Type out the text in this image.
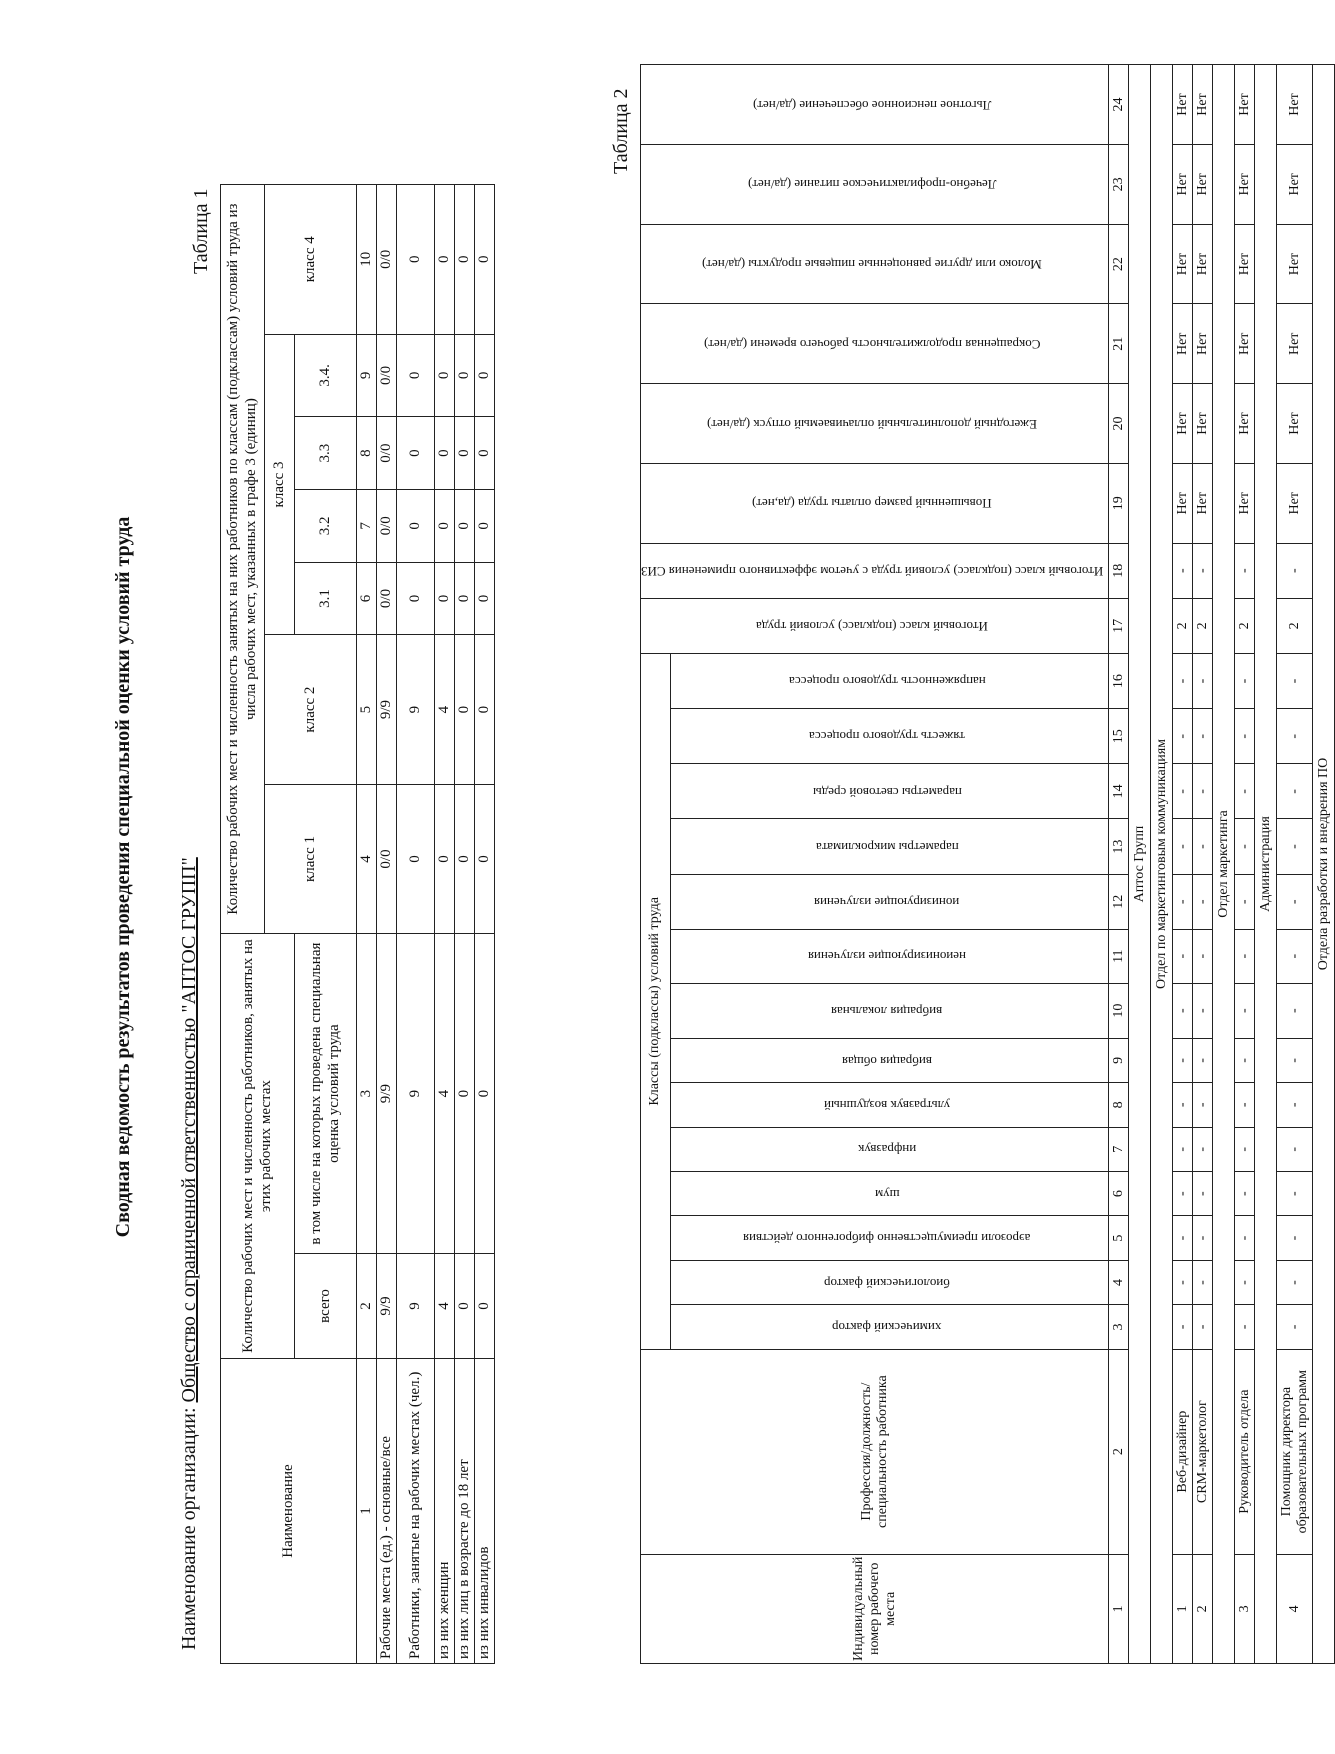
Сводная ведомость результатов проведения специальной оценки условий труда
Наименование организации: Общество с ограниченной ответственностью "АПТОС ГРУПП"
Таблица 1
Наименование	Количество рабочих мест и численность работников, занятых на этих рабочих местах		Количество рабочих мест и численность занятых на них работников по классам (подклассам) условий труда из числа рабочих мест, указанных в графе 3 (единиц)						
			класс 1	класс 2	класс 3				класс 4
	всего	в том числе на которых проведена специальная оценка условий труда			3.1	3.2	3.3	3.4.	
1	2	3	4	5	6	7	8	9	10
Рабочие места (ед.) - основные/все	9/9	9/9	0/0	9/9	0/0	0/0	0/0	0/0	0/0
Работники, занятые на рабочих местах (чел.)	9	9	0	9	0	0	0	0	0
из них женщин	4	4	0	4	0	0	0	0	0
из них лиц в возрасте до 18 лет	0	0	0	0	0	0	0	0	0
из них инвалидов	0	0	0	0	0	0	0	0	0
Таблица 2
Индивидуальный номер рабочего места	Профессия/должность/специальность работника	Классы (подклассы) условий труда														Итоговый класс (подкласс) условий труда	Итоговый класс (подкласс) условий труда с учетом эффективного применения СИЗ	Повышенный размер оплаты труда (да,нет)	Ежегодный дополнительный оплачиваемый отпуск (да/нет)	Сокращенная продолжительность рабочего времени (да/нет)	Молоко или другие равноценные пищевые продукты (да/нет)	Лечебно-профилактическое питание (да/нет)	Льготное пенсионное обеспечение (да/нет)
		химический фактор	биологический фактор	аэрозоли преимущественно фиброгенного действия	шум	инфразвук	ультразвук воздушный	вибрация общая	вибрация локальная	неионизирующие излучения	ионизирующие излучения	параметры микроклимата	параметры световой среды	тяжесть трудового процесса	напряженность трудового процесса								
1	2	3	4	5	6	7	8	9	10	11	12	13	14	15	16	17	18	19	20	21	22	23	24
Аптос Групп																							
Отдел по маркетинговым коммуникациям																							
1	Веб-дизайнер	-	-	-	-	-	-	-	-	-	-	-	-	-	-	2	-	Нет	Нет	Нет	Нет	Нет	Нет
2	CRM-маркетолог	-	-	-	-	-	-	-	-	-	-	-	-	-	-	2	-	Нет	Нет	Нет	Нет	Нет	Нет
Отдел маркетинга																							
3	Руководитель отдела	-	-	-	-	-	-	-	-	-	-	-	-	-	-	2	-	Нет	Нет	Нет	Нет	Нет	Нет
Администрация																							
4	Помощник директора образовательных программ	-	-	-	-	-	-	-	-	-	-	-	-	-	-	2	-	Нет	Нет	Нет	Нет	Нет	Нет
Отдела разработки и внедрения ПО																							
